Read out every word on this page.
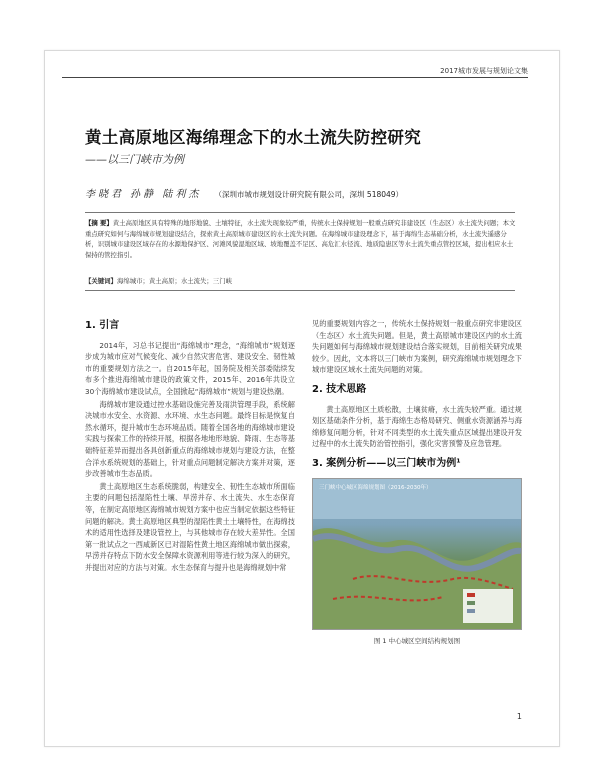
2017城市发展与规划论文集
黄土高原地区海绵理念下的水土流失防控研究
——以三门峡市为例
李晓君 孙静 陆利杰 （深圳市城市规划设计研究院有限公司，深圳 518049）
【摘 要】黄土高原地区具有特殊的地形地貌、土壤特征，水土流失现象较严重，传统水土保持规划一般重点研究非建设区（生态区）水土流失问题；本文重点研究如何与海绵城市规划建设结合，探索黄土高原城市建设区的水土流失问题。在海绵城市建设理念下，基于海绵生态基础分析，水土流失遥感分析，识别城市建设区域存在的水源地保护区、河滩风貌湿地区域、坡地覆盖不足区、高危汇水径流、地质隐患区等水土流失重点管控区域，提出相应水土保持的管控指引。
【关键词】海绵城市；黄土高原；水土流失；三门峡
1. 引言

2014年，习总书记提出“海绵城市”理念，“海绵城市”规划逐步成为城市应对气候变化、减少自然灾害危害、建设安全、韧性城市的重要规划方法之一。自2015年起，国务院及相关部委陆续发布多个推进海绵城市建设的政策文件，2015年、2016年共设立30个海绵城市建设试点，全国掀起“海绵城市”规划与建设热潮。

海绵城市建设通过控水基础设施完善及雨洪管理手段，系统解决城市水安全、水资源、水环境、水生态问题。最终目标是恢复自然水循环，提升城市生态环境品质。随着全国各地的海绵城市建设实践与探索工作的持续开展，根据各地地形地貌、降雨、生态等基础特征差异而提出各具创新重点的海绵城市规划与建设方法，在整合洋水系统规划的基础上，针对重点问题制定解决方案并对策，逐步改善城市生态品质。

黄土高原地区生态系统脆弱，构建安全、韧性生态城市所面临主要的问题包括湿陷性土壤、旱涝并存、水土流失、水生态保育等，在制定高原地区海绵城市规划方案中也应当制定依据这些特征问题的解决。黄土高原地区典型的湿陷性黄土土壤特性，在海绵技术的适用性选择及建设管控上，与其他城市存在较大差异性。全国第一批试点之一西咸新区已对湿陷性黄土地区海绵城市做出探索，早涝并存特点下防水安全保障水资源利用等进行较为深入的研究，并提出对应的方法与对策。水生态保育与提升也是海绵规划中常

见的重要规划内容之一，传统水土保持规划一般重点研究非建设区（生态区）水土流失问题。但是，黄土高原城市建设区内的水土流失问题如何与海绵城市规划建设结合落实规划，目前相关研究成果较少。因此，文本将以三门峡市为案例，研究海绵城市规划理念下城市建设区域水土流失问题的对策。

2. 技术思路

黄土高原地区土质松散，土壤贫瘠，水土流失较严重。通过规划区基础条件分析，基于海绵生态格局研究、侧重水资源涵养与海绵修复问题分析，针对不同类型的水土流失重点区域提出建设开发过程中的水土流失防治管控指引，强化灾害预警及应急管理。

3. 案例分析——以三门峡市为例¹
三门峡中心城区海绵规划图（2016-2030年）
图 1 中心城区空间结构规划图
1
